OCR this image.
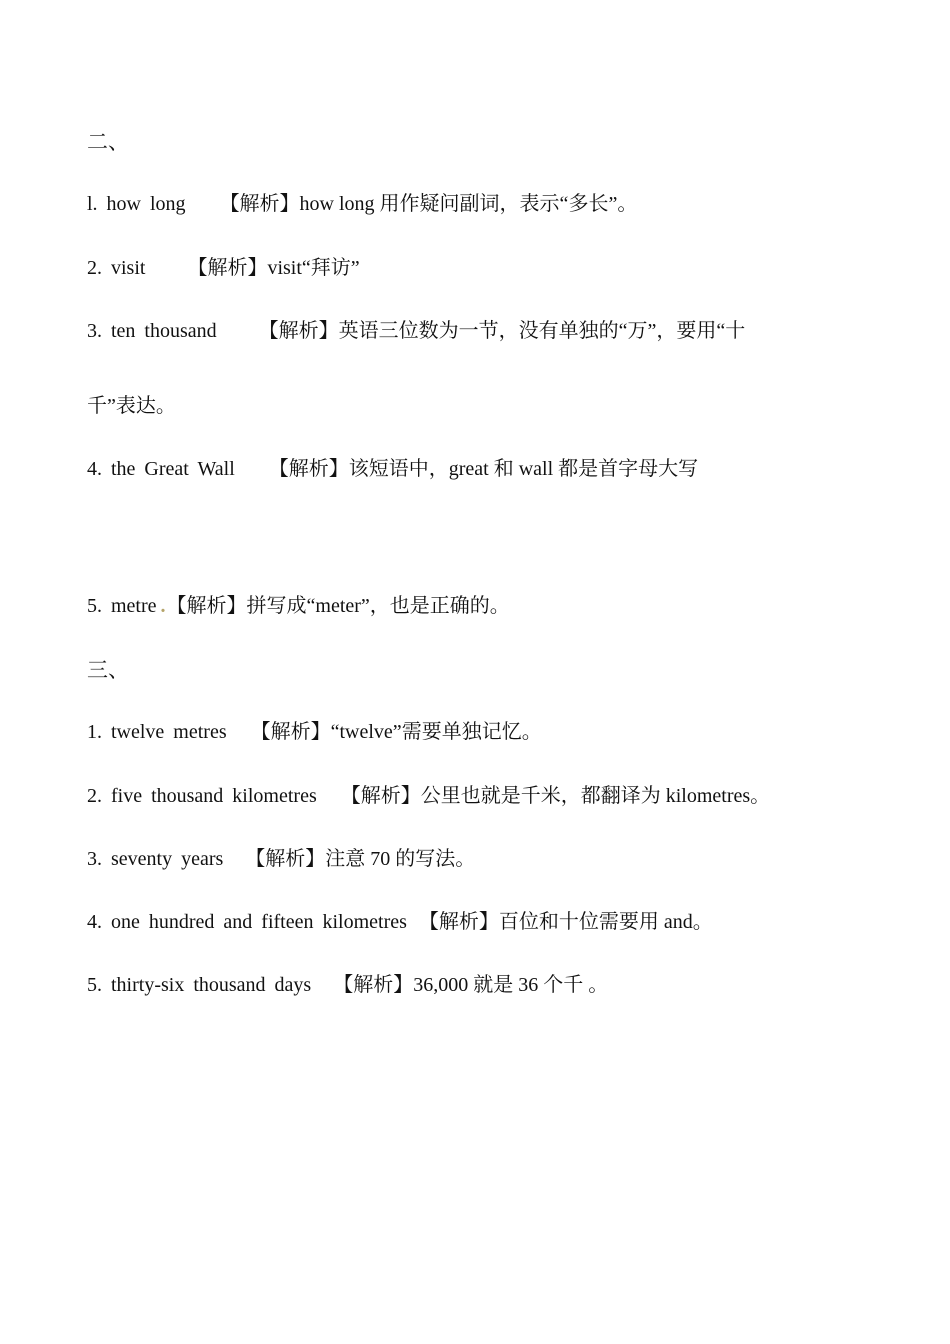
二、
l. how long 【解析】how long 用作疑问副词，表示“多长”。
2. visit 【解析】visit“拜访”
3. ten thousand 【解析】英语三位数为一节，没有单独的“万”，要用“十
千”表达。
4. the Great Wall 【解析】该短语中，great 和 wall 都是首字母大写
5. metre .【解析】拼写成“meter”，也是正确的。
三、
1. twelve metres 【解析】“twelve”需要单独记忆。
2. five thousand kilometres 【解析】公里也就是千米，都翻译为 kilometres。
3. seventy years 【解析】注意 70 的写法。
4. one hundred and fifteen kilometres 【解析】百位和十位需要用 and。
5. thirty-six thousand days 【解析】36,000 就是 36 个千 。
